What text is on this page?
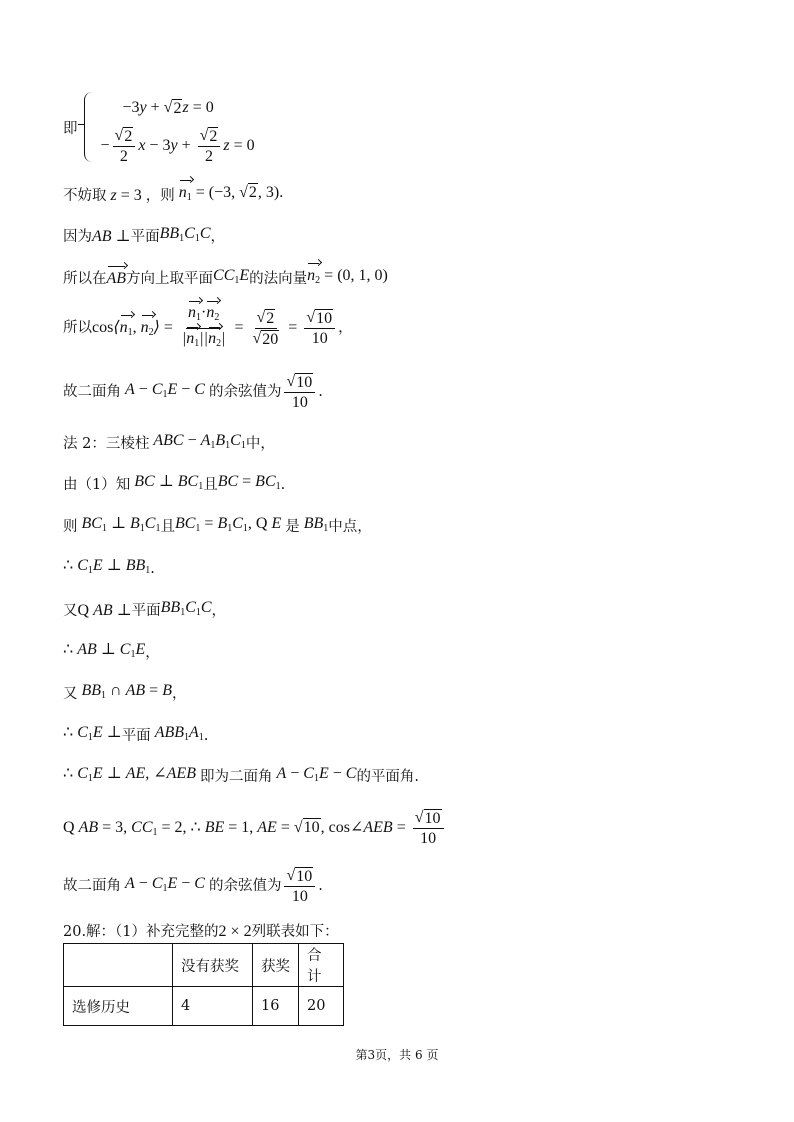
即
−3 y + √ 2 z = 0
− $\frac{√ 2}{2}$ x − 3 $y + \frac{√ 2}{2}$ z = 0
不妨取 z = 3 ，则 $n_1 = (-3$, √ 2 , 3).
因为 AB ⊥ 平面 $BB_1C_1C$ ，
所以在 AB 方向上取平面 $CC_1E$ 的法向量 $n_2 = (0$, 1, 0)
所以 $\cos⟨n_1$, $n_2⟩ = \frac{n_1\cdot n_2}{|n_1||n_2|} = \frac{√ 2}{√ 20} = \frac{√ 10}{10}$ ，
故二面角 $A - C_1E - C$ 的余弦值为 $\frac{√ 10}{10}$ .
法 2：三棱柱 ABC − $A_1B_1C_1$ 中，
由（1）知 BC ⊥ $BC_1$ 且 BC = $BC_1$ .
则 $BC_1$ ⊥ $B_1C_1$ 且 $BC_1 = B_1C_1$, Q E 是 $BB_1$ 中点，
∴ $C_1E$ ⊥ $BB_1$ .
又 Q AB ⊥ 平面 $BB_1C_1C$ ，
∴ AB ⊥ $C_1E$ ，
又 $BB_1$ ∩ AB = B ，
∴ $C_1E$ ⊥ 平面 $ABB_1A_1$ .
∴ $C_1E$ ⊥ AE, ∠AEB 即为二面角 $A - C_1E - C$ 的平面角.
Q AB = 3, $CC_1 = 2$, ∴ BE = 1, AE = √ 10 , cos∠AEB = $\frac{√ 10}{10}$
故二面角 $A - C_1E - C$ 的余弦值为 $\frac{√ 10}{10}$ .
20.解：（1）补充完整的 2 × 2 列联表如下：
	没有获奖	获奖	合计
选修历史	4	16	20
第3页，共 6 页
